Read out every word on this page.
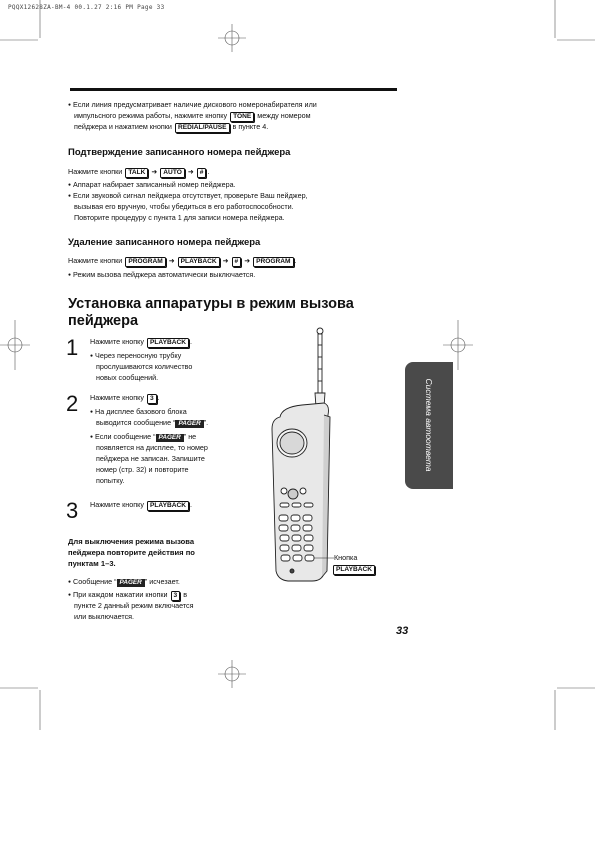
PQQX12628ZA-BM-4 00.1.27 2:16 PM Page 33
● Если линия предусматривает наличие дискового номеронабирателя или
импульсного режима работы, нажмите кнопку TONE между номером
пейджера и нажатием кнопки REDIAL/PAUSE в пункте 4.
Подтверждение записанного номера пейджера
Нажмите кнопки TALK ➜ AUTO ➜ # .
● Аппарат набирает записанный номер пейджера.
● Если звуковой сигнал пейджера отсутствует, проверьте Ваш пейджер,
вызывая его вручную, чтобы убедиться в его работоспособности.
Повторите процедуру с пункта 1 для записи номера пейджера.
Удаление записанного номера пейджера
Нажмите кнопки PROGRAM ➜ PLAYBACK ➜ # ➜ PROGRAM .
● Режим вызова пейджера автоматически выключается.
Установка аппаратуры в режим вызова
пейджера
1 Нажмите кнопку PLAYBACK .
● Через переносную трубку
прослушиваются количество
новых сообщений.
2 Нажмите кнопку 3 .
● На дисплее базового блока
выводится сообщение “ PAGER ”.
● Если сообщение “ PAGER ” не
появляется на дисплее, то номер
пейджера не записан. Запишите
номер (стр. 32) и повторите
попытку.
3 Нажмите кнопку PLAYBACK .
Для выключения режима вызова
пейджера повторите действия по
пунктам 1–3.
● Сообщение “ PAGER ” исчезает.
● При каждом нажатии кнопки 3 в
пункте 2 данный режим включается
или выключается.
Кнопка
PLAYBACK
Система автоответа
33
